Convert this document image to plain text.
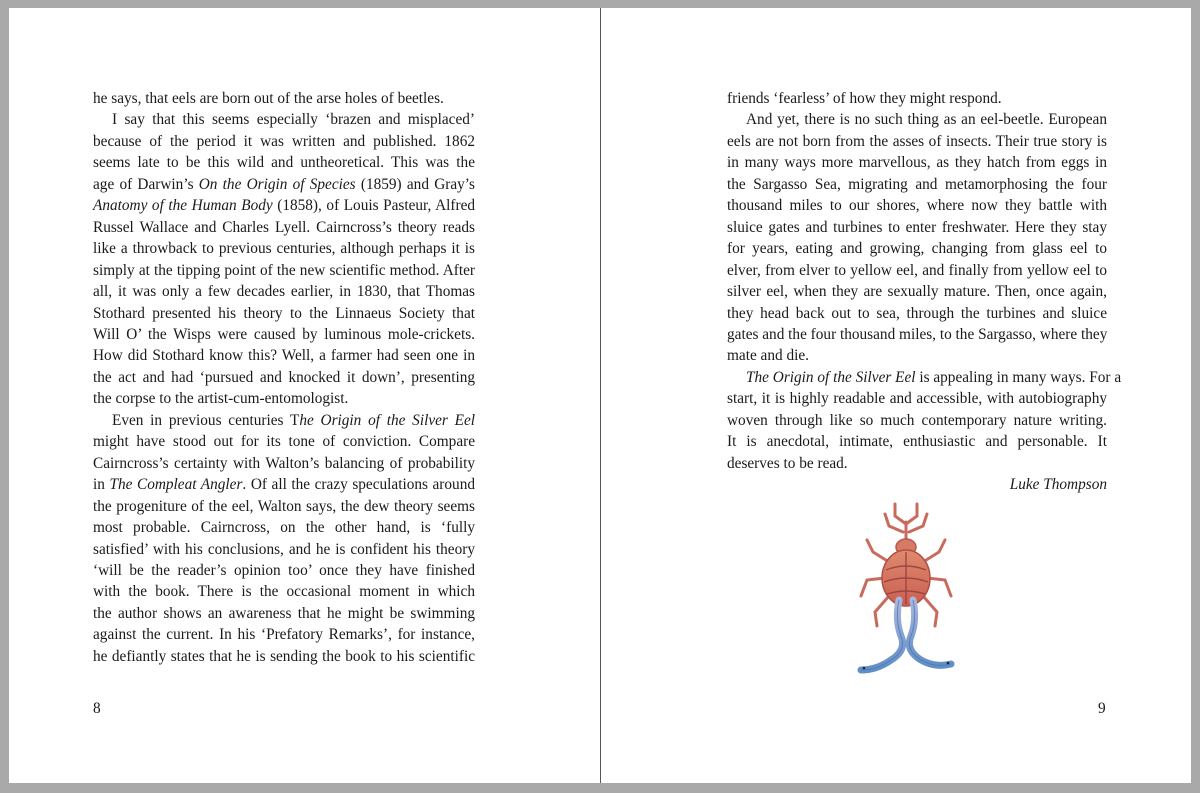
he says, that eels are born out of the arse holes of beetles.
I say that this seems especially ‘brazen and misplaced’
because of the period it was written and published. 1862
seems late to be this wild and untheoretical. This was the
age of Darwin’s On the Origin of Species (1859) and Gray’s
Anatomy of the Human Body (1858), of Louis Pasteur, Alfred
Russel Wallace and Charles Lyell. Cairncross’s theory reads
like a throwback to previous centuries, although perhaps it is
simply at the tipping point of the new scientific method. After
all, it was only a few decades earlier, in 1830, that Thomas
Stothard presented his theory to the Linnaeus Society that
Will O’ the Wisps were caused by luminous mole-crickets.
How did Stothard know this? Well, a farmer had seen one in
the act and had ‘pursued and knocked it down’, presenting
the corpse to the artist-cum-entomologist.
Even in previous centuries The Origin of the Silver Eel
might have stood out for its tone of conviction. Compare
Cairncross’s certainty with Walton’s balancing of probability
in The Compleat Angler. Of all the crazy speculations around
the progeniture of the eel, Walton says, the dew theory seems
most probable. Cairncross, on the other hand, is ‘fully
satisfied’ with his conclusions, and he is confident his theory
‘will be the reader’s opinion too’ once they have finished
with the book. There is the occasional moment in which
the author shows an awareness that he might be swimming
against the current. In his ‘Prefatory Remarks’, for instance,
he defiantly states that he is sending the book to his scientific
8
friends ‘fearless’ of how they might respond.
And yet, there is no such thing as an eel-beetle. European
eels are not born from the asses of insects. Their true story is
in many ways more marvellous, as they hatch from eggs in
the Sargasso Sea, migrating and metamorphosing the four
thousand miles to our shores, where now they battle with
sluice gates and turbines to enter freshwater. Here they stay
for years, eating and growing, changing from glass eel to
elver, from elver to yellow eel, and finally from yellow eel to
silver eel, when they are sexually mature. Then, once again,
they head back out to sea, through the turbines and sluice
gates and the four thousand miles, to the Sargasso, where they
mate and die.
The Origin of the Silver Eel is appealing in many ways. For a
start, it is highly readable and accessible, with autobiography
woven through like so much contemporary nature writing.
It is anecdotal, intimate, enthusiastic and personable. It
deserves to be read.
Luke Thompson
9
